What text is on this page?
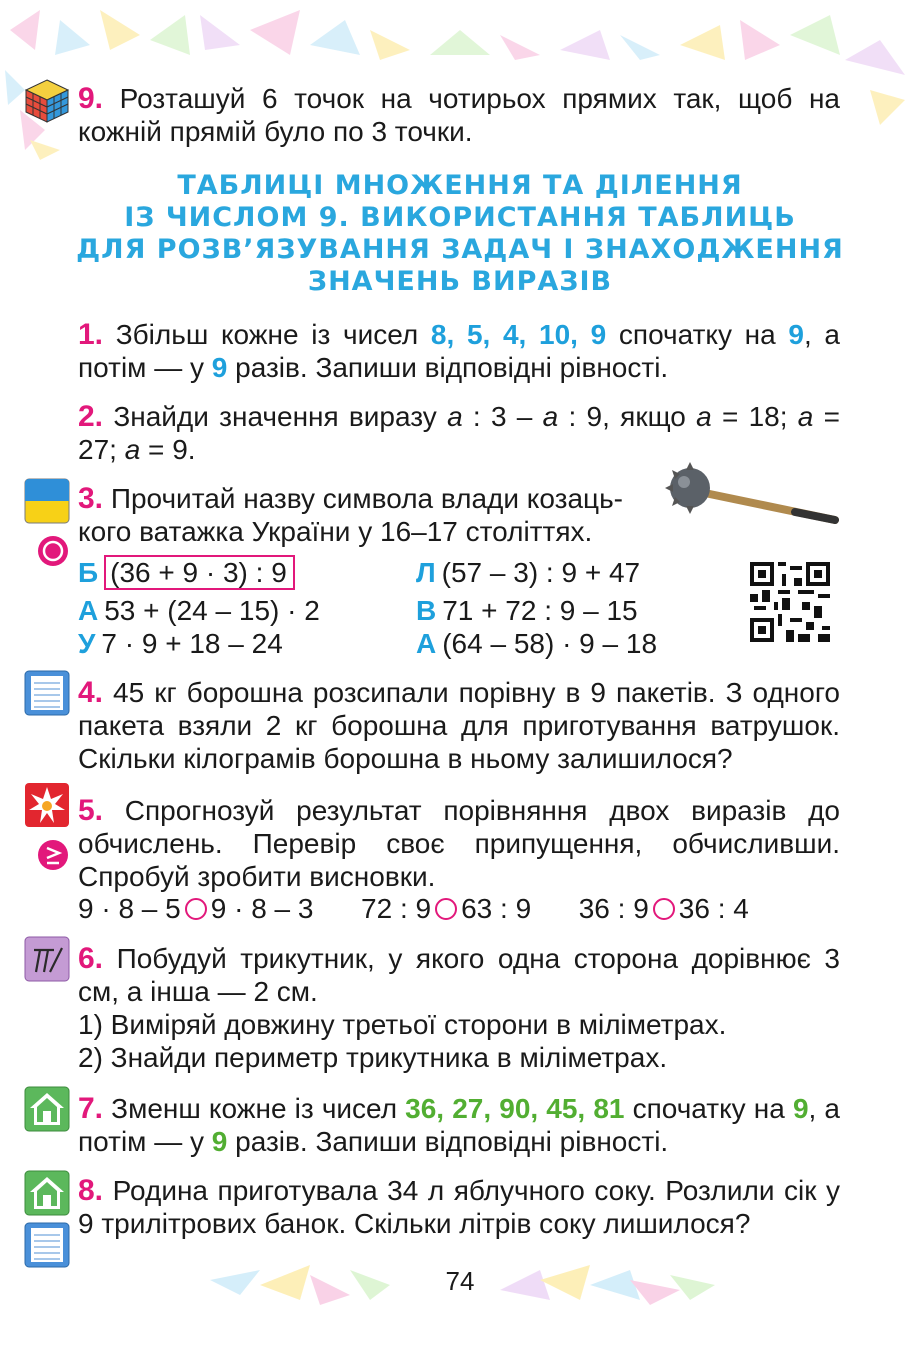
9. Розташуй 6 точок на чотирьох прямих так, щоб на кожній прямій було по 3 точки.
ТАБЛИЦІ МНОЖЕННЯ ТА ДІЛЕННЯ
ІЗ ЧИСЛОМ 9. ВИКОРИСТАННЯ ТАБЛИЦЬ
ДЛЯ РОЗВ’ЯЗУВАННЯ ЗАДАЧ І ЗНАХОДЖЕННЯ
ЗНАЧЕНЬ ВИРАЗІВ
1. Збільш кожне із чисел 8, 5, 4, 10, 9 спочатку на 9, а потім — у 9 разів. Запиши відповідні рівності.
2. Знайди значення виразу a : 3 – a : 9, якщо a = 18; a = 27; a = 9.
3. Прочитай назву символа влади козаць-
кого ватажка України у 16–17 століттях.
Б (36 + 9 · 3) : 9	Л (57 – 3) : 9 + 47
А 53 + (24 – 15) · 2	В 71 + 72 : 9 – 15
У 7 · 9 + 18 – 24	А (64 – 58) · 9 – 18
4. 45 кг борошна розсипали порівну в 9 пакетів. З одного пакета взяли 2 кг борошна для приготування ватрушок. Скільки кілограмів борошна в ньому залишилося?
5. Спрогнозуй результат порівняння двох виразів до обчислень. Перевір своє припущення, обчисливши. Спробуй зробити висновки.
9 · 8 – 5 9 · 8 – 3 72 : 9 63 : 9 36 : 9 36 : 4
6. Побудуй трикутник, у якого одна сторона дорівнює 3 см, а інша — 2 см.
1) Виміряй довжину третьої сторони в міліметрах.
2) Знайди периметр трикутника в міліметрах.
7. Зменш кожне із чисел 36, 27, 90, 45, 81 спочатку на 9, а потім — у 9 разів. Запиши відповідні рівності.
8. Родина приготувала 34 л яблучного соку. Розлили сік у 9 трилітрових банок. Скільки літрів соку лишилося?
74
